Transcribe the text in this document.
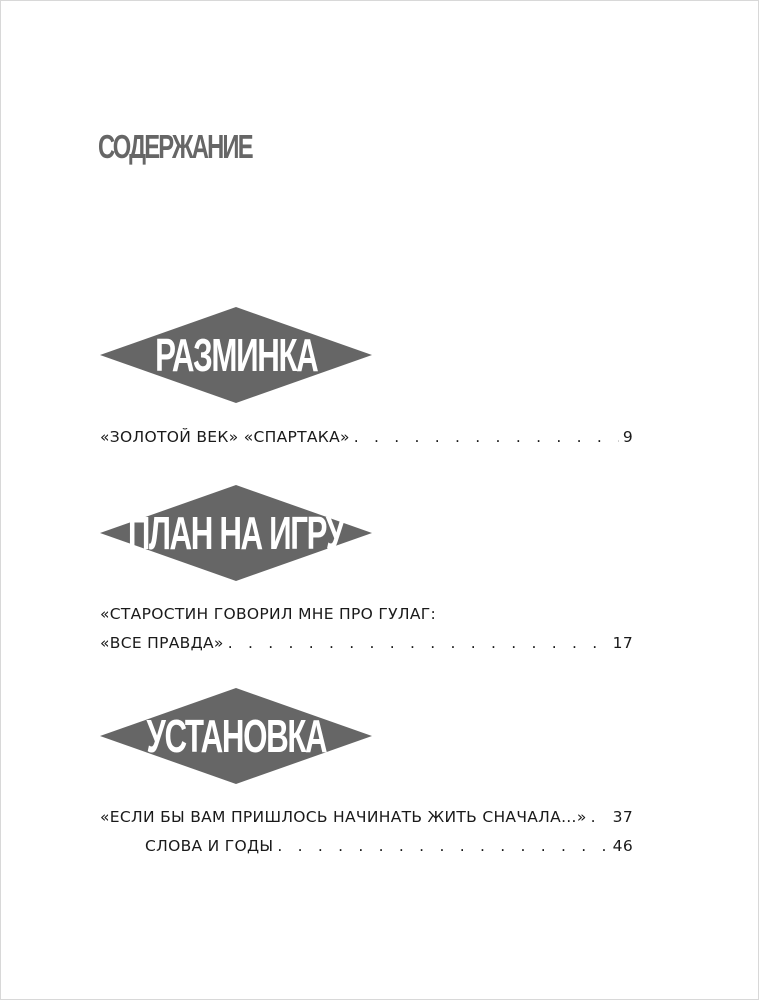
СОДЕРЖАНИЕ
РАЗМИНКА
«ЗОЛОТОЙ ВЕК» «СПАРТАКА» . . .	9
ПЛАН НА ИГРУ
«СТАРОСТИН ГОВОРИЛ МНЕ ПРО ГУЛАГ:
«ВСЕ ПРАВДА» . . .	17
УСТАНОВКА
«ЕСЛИ БЫ ВАМ ПРИШЛОСЬ НАЧИНАТЬ ЖИТЬ СНАЧАЛА…» . . . 37
СЛОВА И ГОДЫ . . .	46
